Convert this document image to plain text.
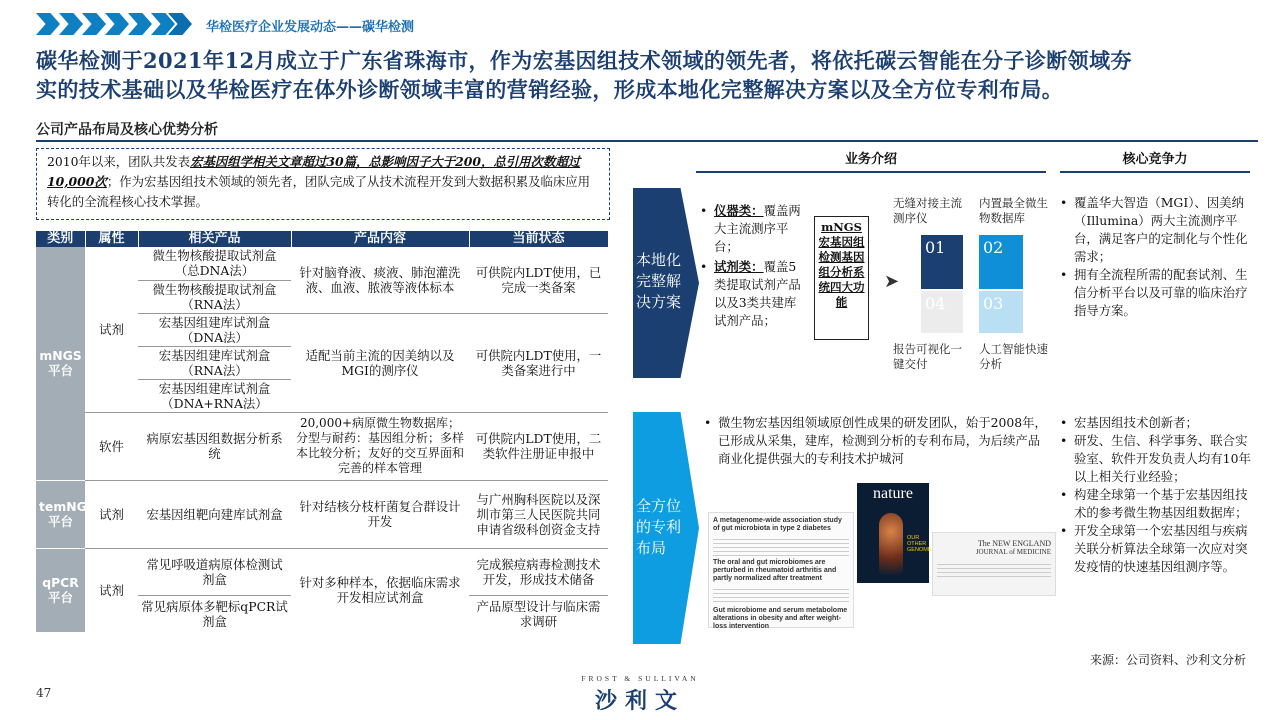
华检医疗企业发展动态——碳华检测
碳华检测于2021年12月成立于广东省珠海市，作为宏基因组技术领域的领先者，将依托碳云智能在分子诊断领域夯
实的技术基础以及华检医疗在体外诊断领域丰富的营销经验，形成本地化完整解决方案以及全方位专利布局。
公司产品布局及核心优势分析
2010年以来，团队共发表宏基因组学相关文章超过30篇，总影响因子大于200，总引用次数超过10,000次；作为宏基因组技术领域的领先者，团队完成了从技术流程开发到大数据积累及临床应用转化的全流程核心技术掌握。
类别	属性	相关产品	产品内容	当前状态
mNGS平台	试剂	微生物核酸提取试剂盒（总DNA法）	针对脑脊液、痰液、肺泡灌洗液、血液、脓液等液体标本	可供院内LDT使用，已完成一类备案
		微生物核酸提取试剂盒（RNA法）		
		宏基因组建库试剂盒（DNA法）	适配当前主流的因美纳以及MGI的测序仪	可供院内LDT使用，一类备案进行中
		宏基因组建库试剂盒（RNA法）		
		宏基因组建库试剂盒（DNA+RNA法）		
	软件	病原宏基因组数据分析系统	20,000+病原微生物数据库；分型与耐药：基因组分析；多样本比较分析；友好的交互界面和完善的样本管理	可供院内LDT使用，二类软件注册证申报中
temNGS平台	试剂	宏基因组靶向建库试剂盒	针对结核分枝杆菌复合群设计开发	与广州胸科医院以及深圳市第三人民医院共同申请省级科创资金支持
qPCR平台	试剂	常见呼吸道病原体检测试剂盒	针对多种样本，依据临床需求开发相应试剂盒	完成猴痘病毒检测技术开发，形成技术储备
		常见病原体多靶标qPCR试剂盒		产品原型设计与临床需求调研
业务介绍	核心竞争力
本地化完整解决方案
• 仪器类：覆盖两大主流测序平台；
• 试剂类：覆盖5类提取试剂产品以及3类共建库试剂产品；
mNGS宏基因组检测基因组分析系统四大功能
➤
无缝对接主流测序仪
内置最全微生物数据库
01	02
04	03
报告可视化一键交付
人工智能快速分析
• 覆盖华大智造（MGI）、因美纳（Illumina）两大主流测序平台，满足客户的定制化与个性化需求；
• 拥有全流程所需的配套试剂、生信分析平台以及可靠的临床治疗指导方案。
全方位的专利布局
• 微生物宏基因组领域原创性成果的研发团队，始于2008年，已形成从采集，建库，检测到分析的专利布局，为后续产品商业化提供强大的专利技术护城河
A metagenome-wide association study of gut microbiota in type 2 diabetes
The oral and gut microbiomes are perturbed in rheumatoid arthritis and partly normalized after treatment
Gut microbiome and serum metabolome alterations in obesity and after weight-loss intervention
nature
OUR OTHER GENOME
The NEW ENGLAND
JOURNAL of MEDICINE
• 宏基因组技术创新者；
• 研发、生信、科学事务、联合实验室、软件开发负责人均有10年以上相关行业经验；
• 构建全球第一个基于宏基因组技术的参考微生物基因组数据库；
• 开发全球第一个宏基因组与疾病关联分析算法全球第一次应对突发疫情的快速基因组测序等。
来源：公司资料、沙利文分析
47
FROST & SULLIVAN
沙利文
